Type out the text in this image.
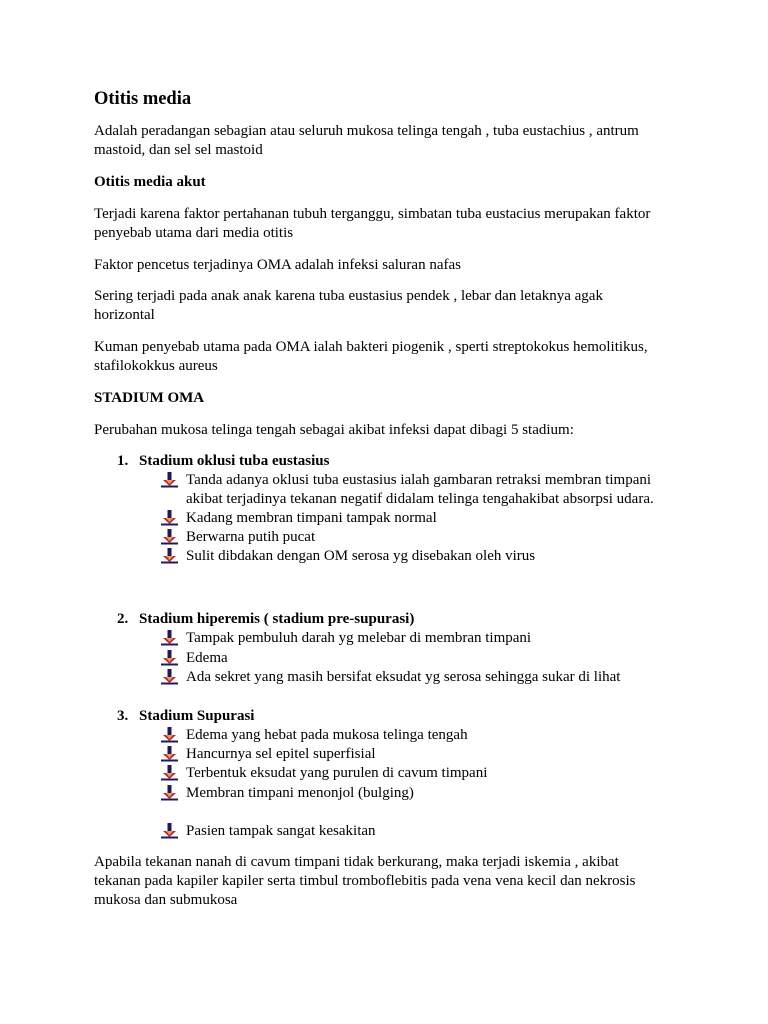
Otitis media
Adalah peradangan sebagian atau seluruh mukosa telinga tengah , tuba eustachius , antrum
mastoid, dan sel sel mastoid
Otitis media akut
Terjadi karena faktor pertahanan tubuh terganggu, simbatan tuba eustacius merupakan faktor
penyebab utama dari media otitis
Faktor pencetus terjadinya OMA adalah infeksi saluran nafas
Sering terjadi pada anak anak karena tuba eustasius pendek , lebar dan letaknya agak
horizontal
Kuman penyebab utama pada OMA ialah bakteri piogenik , sperti streptokokus hemolitikus,
stafilokokkus aureus
STADIUM OMA
Perubahan mukosa telinga tengah sebagai akibat infeksi dapat dibagi 5 stadium:
1. Stadium oklusi tuba eustasius
Tanda adanya oklusi tuba eustasius ialah gambaran retraksi membran timpani
akibat terjadinya tekanan negatif didalam telinga tengahakibat absorpsi udara.
Kadang membran timpani tampak normal
Berwarna putih pucat
Sulit dibdakan dengan OM serosa yg disebakan oleh virus
2. Stadium hiperemis ( stadium pre-supurasi)
Tampak pembuluh darah yg melebar di membran timpani
Edema
Ada sekret yang masih bersifat eksudat yg serosa sehingga sukar di lihat
3. Stadium Supurasi
Edema yang hebat pada mukosa telinga tengah
Hancurnya sel epitel superfisial
Terbentuk eksudat yang purulen di cavum timpani
Membran timpani menonjol (bulging)
Pasien tampak sangat kesakitan
Apabila tekanan nanah di cavum timpani tidak berkurang, maka terjadi iskemia , akibat
tekanan pada kapiler kapiler serta timbul tromboflebitis pada vena vena kecil dan nekrosis
mukosa dan submukosa
